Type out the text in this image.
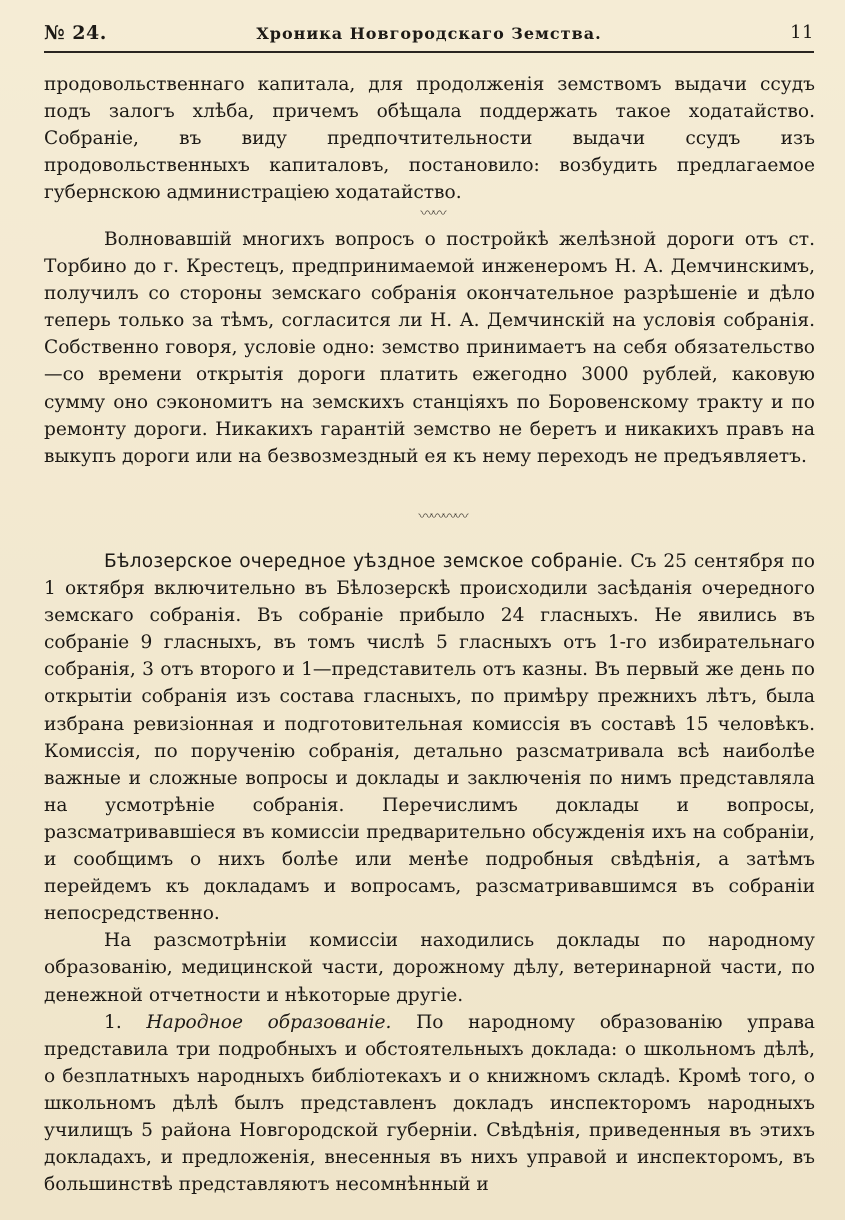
№ 24.	Хроника Новгородскаго Земства.	11

продовольственнаго капитала, для продолженія земствомъ выдачи ссудъ подъ залогъ хлѣба, причемъ обѣщала поддержать такое ходатайство. Собраніе, въ виду предпочтительности выдачи ссудъ изъ продовольственныхъ капиталовъ, постановило: возбудить предлагаемое губернскою администраціею ходатайство.

〰〰

Волновавшій многихъ вопросъ о постройкѣ желѣзной дороги отъ ст. Торбино до г. Крестецъ, предпринимаемой инженеромъ Н. А. Демчинскимъ, получилъ со стороны земскаго собранія окончательное разрѣшеніе и дѣло теперь только за тѣмъ, согласится ли Н. А. Демчинскій на условія собранія. Собственно говоря, условіе одно: земство принимаетъ на себя обязательство—со времени открытія дороги платить ежегодно 3000 рублей, каковую сумму оно сэкономитъ на земскихъ станціяхъ по Боровенскому тракту и по ремонту дороги. Никакихъ гарантій земство не беретъ и никакихъ правъ на выкупъ дороги или на безвозмездный ея къ нему переходъ не предъявляетъ.

〰〰〰〰

Бѣлозерское очередное уѣздное земское собраніе. Съ 25 сентября по 1 октября включительно въ Бѣлозерскѣ происходили засѣданія очередного земскаго собранія. Въ собраніе прибыло 24 гласныхъ. Не явились въ собраніе 9 гласныхъ, въ томъ числѣ 5 гласныхъ отъ 1-го избирательнаго собранія, 3 отъ второго и 1—представитель отъ казны. Въ первый же день по открытіи собранія изъ состава гласныхъ, по примѣру прежнихъ лѣтъ, была избрана ревизіонная и подготовительная комиссія въ составѣ 15 человѣкъ. Комиссія, по порученію собранія, детально разсматривала всѣ наиболѣе важные и сложные вопросы и доклады и заключенія по нимъ представляла на усмотрѣніе собранія. Перечислимъ доклады и вопросы, разсматривавшіеся въ комиссіи предварительно обсужденія ихъ на собраніи, и сообщимъ о нихъ болѣе или менѣе подробныя свѣдѣнія, а затѣмъ перейдемъ къ докладамъ и вопросамъ, разсматривавшимся въ собраніи непосредственно.

На разсмотрѣніи комиссіи находились доклады по народному образованію, медицинской части, дорожному дѣлу, ветеринарной части, по денежной отчетности и нѣкоторые другіе.

1. Народное образованіе. По народному образованію управа представила три подробныхъ и обстоятельныхъ доклада: о школьномъ дѣлѣ, о безплатныхъ народныхъ библіотекахъ и о книжномъ складѣ. Кромѣ того, о школьномъ дѣлѣ былъ представленъ докладъ инспекторомъ народныхъ училищъ 5 района Новгородской губерніи. Свѣдѣнія, приведенныя въ этихъ докладахъ, и предложенія, внесенныя въ нихъ управой и инспекторомъ, въ большинствѣ представляютъ несомнѣнный и
